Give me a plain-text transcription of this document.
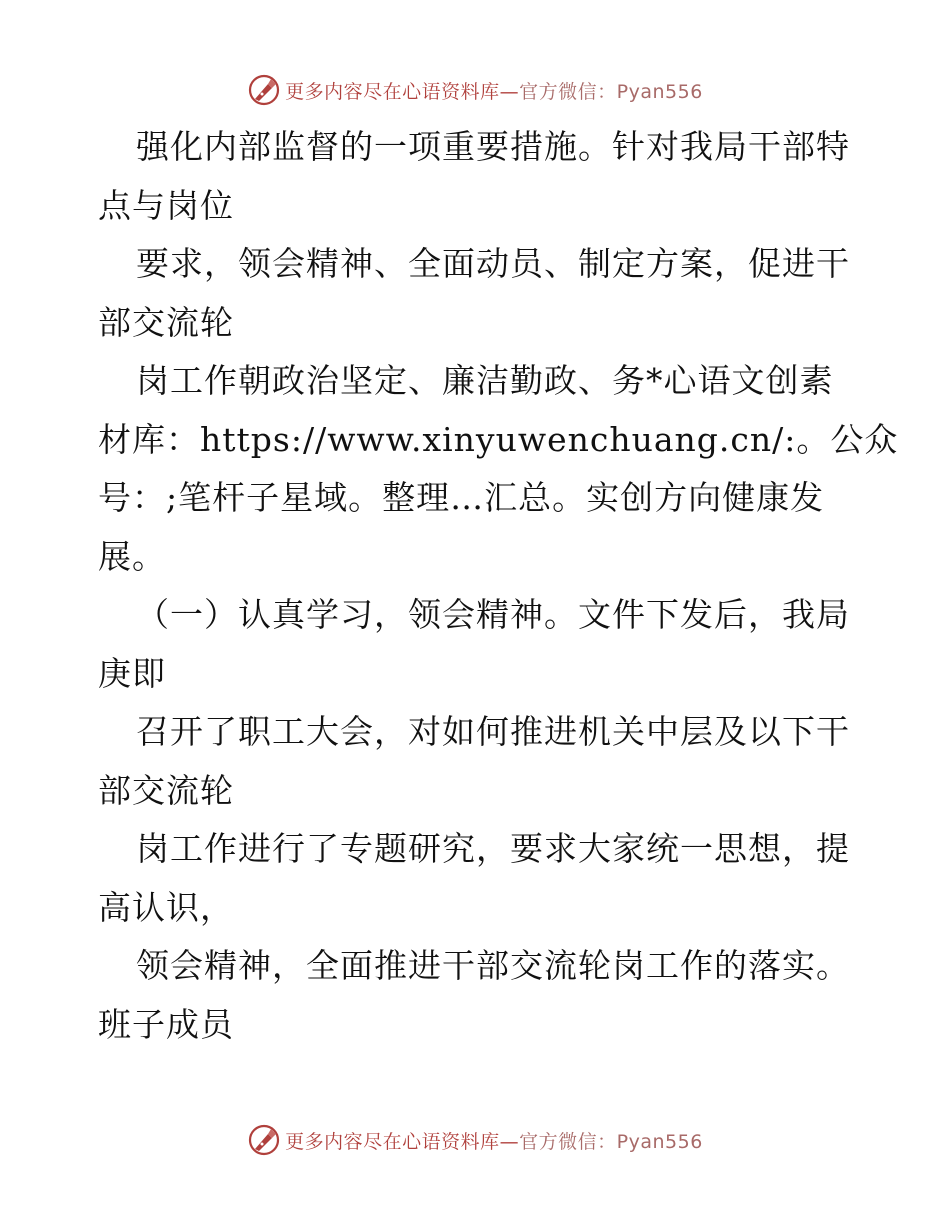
更多内容尽在心语资料库—官方微信：Pyan556
强化内部监督的一项重要措施。针对我局干部特
点与岗位
要求，领会精神、全面动员、制定方案，促进干
部交流轮
岗工作朝政治坚定、廉洁勤政、务*心语文创素
材库：https://www.xinyuwenchuang.cn/:。公众
号：;笔杆子星域。整理…汇总。实创方向健康发
展。
（一）认真学习，领会精神。文件下发后，我局
庚即
召开了职工大会，对如何推进机关中层及以下干
部交流轮
岗工作进行了专题研究，要求大家统一思想，提
高认识，
领会精神，全面推进干部交流轮岗工作的落实。
班子成员
更多内容尽在心语资料库—官方微信：Pyan556
